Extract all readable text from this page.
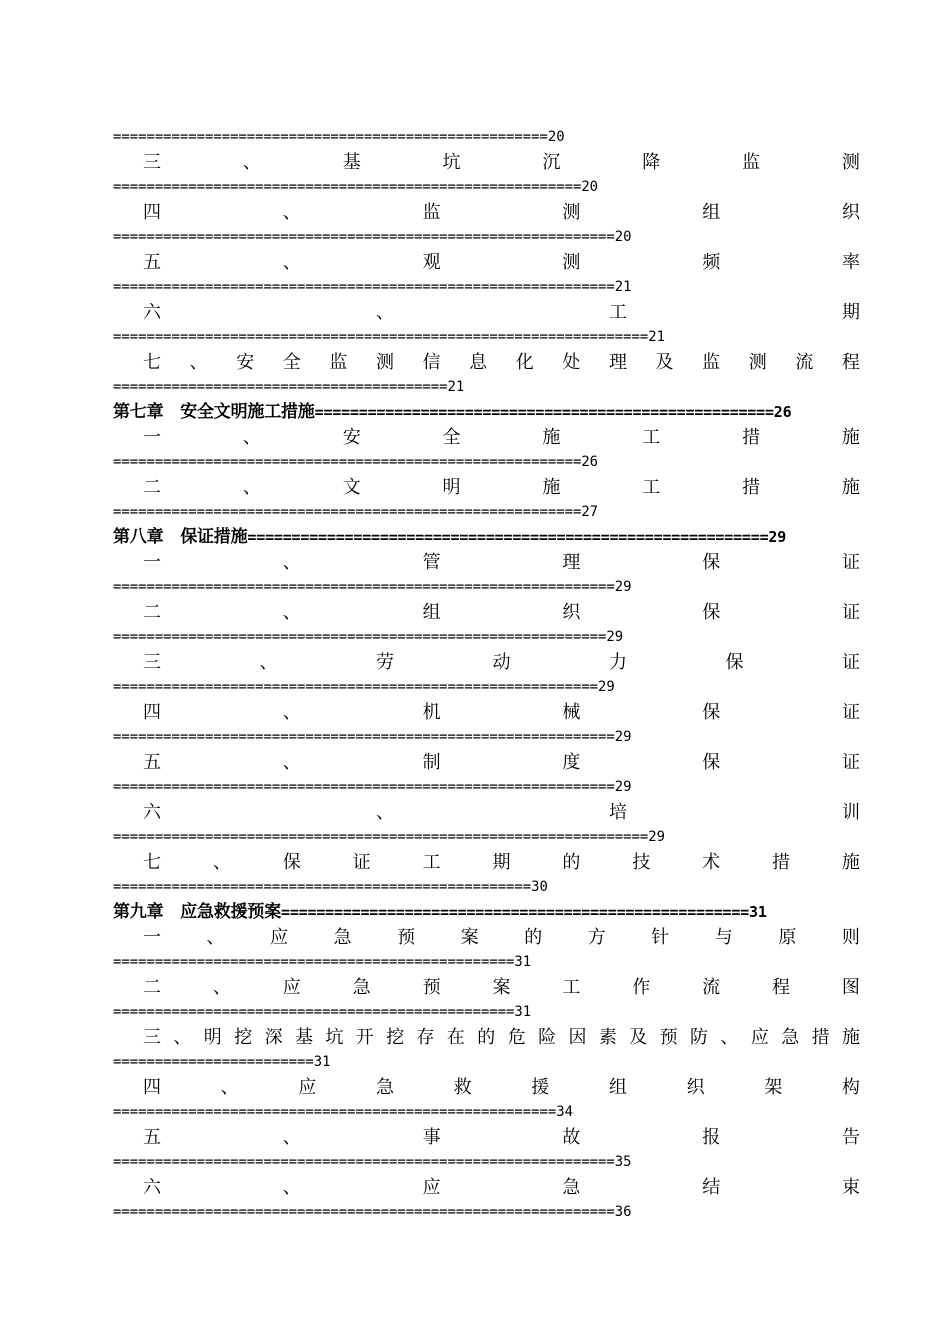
====================================================20
三	、	基	坑	沉	降	监	测
========================================================20
四	、	监	测	组	织
============================================================20
五	、	观	测	频	率
============================================================21
六	、	工	期
================================================================21
七 、 安 全 监 测 信 息 化 处 理 及 监 测 流 程
========================================21
第七章　安全文明施工措施====================================================26
一	、	安	全	施	工	措	施
========================================================26
二	、	文	明	施	工	措	施
========================================================27
第八章　保证措施===========================================================29
一	、	管	理	保	证
============================================================29
二	、	组	织	保	证
===========================================================29
三	、	劳	动	力	保	证
==========================================================29
四	、	机	械	保	证
============================================================29
五	、	制	度	保	证
============================================================29
六	、	培	训
================================================================29
七	、	保	证	工	期	的	技	术	措	施
==================================================30
第九章　应急救援预案=====================================================31
一	、	应	急	预	案	的	方	针	与	原	则
================================================31
二	、	应	急	预	案	工	作	流	程	图
================================================31
三 、 明 挖 深 基 坑 开 挖 存 在 的 危 险 因 素 及 预 防 、 应 急 措 施
========================31
四	、	应	急	救	援	组	织	架	构
=====================================================34
五	、	事	故	报	告
============================================================35
六	、	应	急	结	束
============================================================36
